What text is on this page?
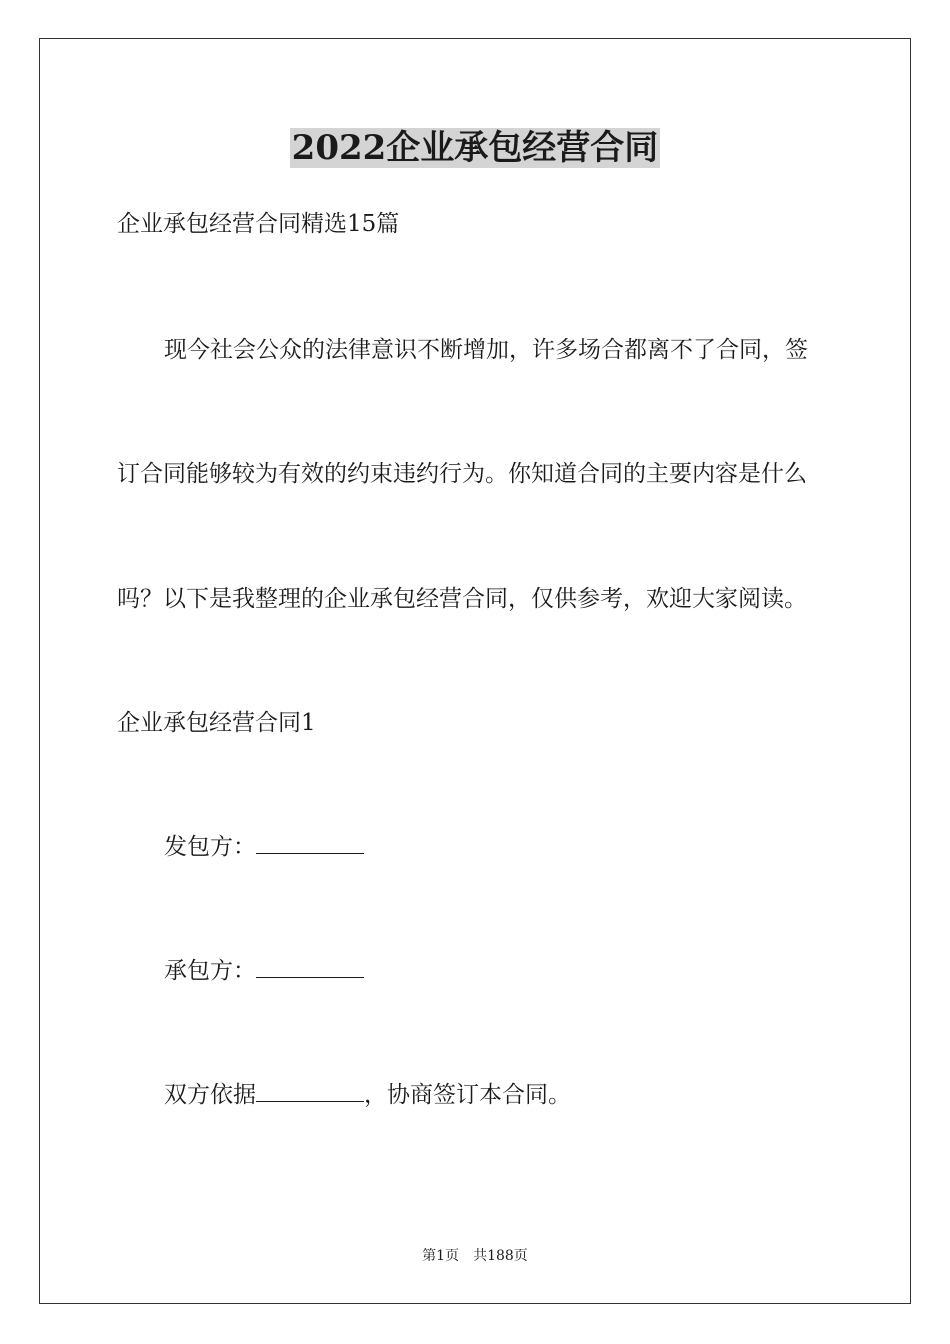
2022企业承包经营合同
企业承包经营合同精选15篇
现今社会公众的法律意识不断增加，许多场合都离不了合同，签
订合同能够较为有效的约束违约行为。你知道合同的主要内容是什么
吗？以下是我整理的企业承包经营合同，仅供参考，欢迎大家阅读。
企业承包经营合同1
发包方：
承包方：
双方依据	，协商签订本合同。
第1页　共188页
